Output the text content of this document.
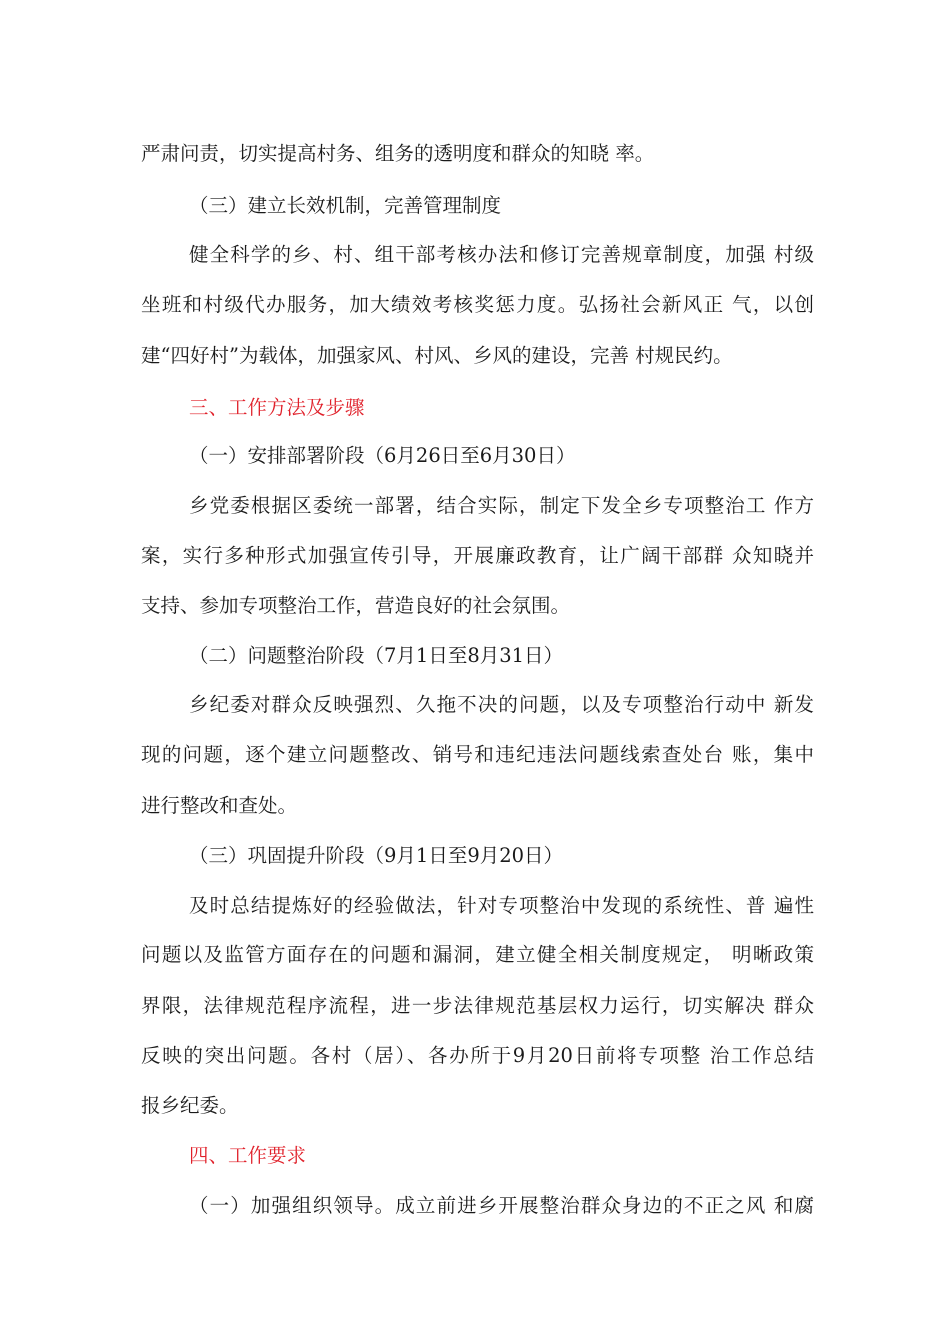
严肃问责，切实提高村务、组务的透明度和群众的知晓 率。
（三）建立长效机制，完善管理制度
健全科学的乡、村、组干部考核办法和修订完善规章制度，加强 村级
坐班和村级代办服务，加大绩效考核奖惩力度。弘扬社会新风正 气，以创
建“四好村”为载体，加强家风、村风、乡风的建设，完善 村规民约。
三、工作方法及步骤
（一）安排部署阶段（6月26日至6月30日）
乡党委根据区委统一部署，结合实际，制定下发全乡专项整治工 作方
案，实行多种形式加强宣传引导，开展廉政教育，让广阔干部群 众知晓并
支持、参加专项整治工作，营造良好的社会氛围。
（二）问题整治阶段（7月1日至8月31日）
乡纪委对群众反映强烈、久拖不决的问题，以及专项整治行动中 新发
现的问题，逐个建立问题整改、销号和违纪违法问题线索查处台 账，集中
进行整改和查处。
（三）巩固提升阶段（9月1日至9月20日）
及时总结提炼好的经验做法，针对专项整治中发现的系统性、普 遍性
问题以及监管方面存在的问题和漏洞，建立健全相关制度规定， 明晰政策
界限，法律规范程序流程，进一步法律规范基层权力运行，切实解决 群众
反映的突出问题。各村（居）、各办所于9月20日前将专项整 治工作总结
报乡纪委。
四、工作要求
（一）加强组织领导。成立前进乡开展整治群众身边的不正之风 和腐
